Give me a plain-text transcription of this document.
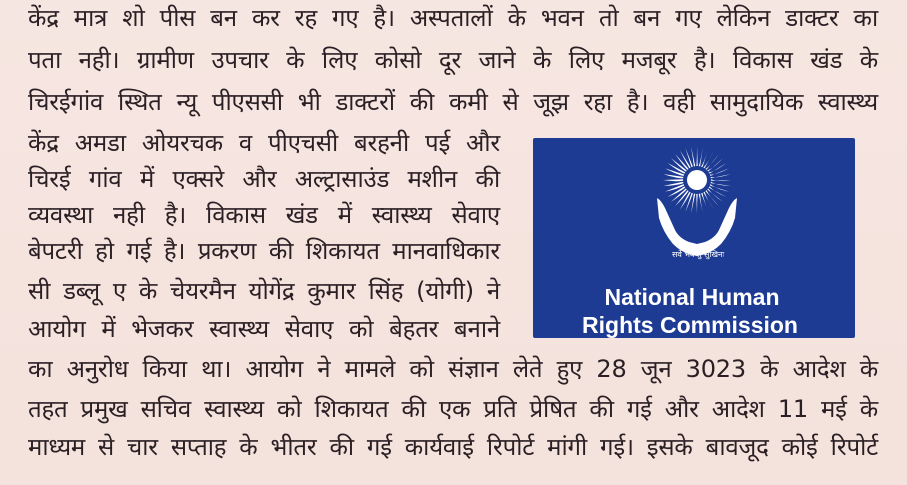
केंद्र मात्र शो पीस बन कर रह गए है। अस्पतालों के भवन तो बन गए लेकिन डाक्टर का
पता नही। ग्रामीण उपचार के लिए कोसो दूर जाने के लिए मजबूर है। विकास खंड के
चिरईगांव स्थित न्यू पीएससी भी डाक्टरों की कमी से जूझ रहा है। वही सामुदायिक स्वास्थ्य
केंद्र अमडा ओयरचक व पीएचसी बरहनी पई और
चिरई गांव में एक्सरे और अल्ट्रासाउंड मशीन की
व्यवस्था नही है। विकास खंड में स्वास्थ्य सेवाए
बेपटरी हो गई है। प्रकरण की शिकायत मानवाधिकार
सी डब्लू ए के चेयरमैन योगेंद्र कुमार सिंह (योगी) ने
आयोग में भेजकर स्वास्थ्य सेवाए को बेहतर बनाने
का अनुरोध किया था। आयोग ने मामले को संज्ञान लेते हुए 28 जून 3023 के आदेश के
तहत प्रमुख सचिव स्वास्थ्य को शिकायत की एक प्रति प्रेषित की गई और आदेश 11 मई के
माध्यम से चार सप्ताह के भीतर की गई कार्यवाई रिपोर्ट मांगी गई। इसके बावजूद कोई रिपोर्ट
सर्वे भवन्तु सुखिनः
National Human
Rights Commission
